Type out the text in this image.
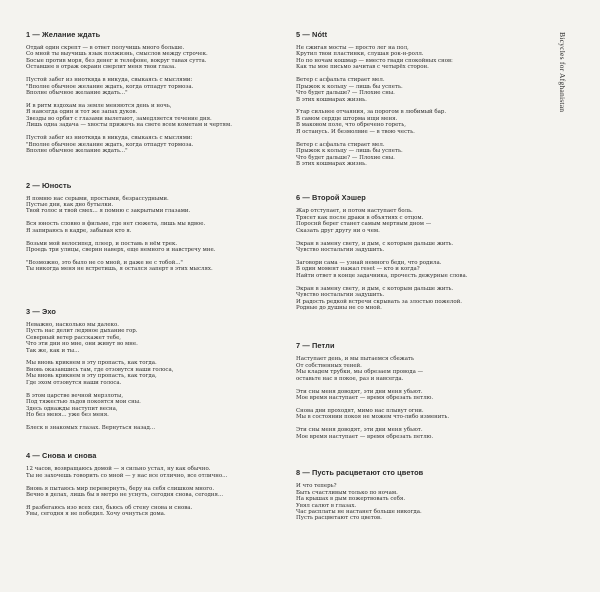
1 — Желание ждать
Отдай один скрепт — в ответ получишь много больше.
Со мной ты выучишь язык полжизнь, смыслов между строчек.
Босые против моря, без денег и телефонe, вокруг тавая сутта.
Оставшее в отраж окраин сверлит меня твои глаза.
Пустой забег из ниотквда в никуда, свыкаясь с мыслями:
"Вполне обычное желание ждать, когда отпадут тормоза.
Вполне обычное желание ждать..."
И в ритм вздохам на земле меняются день и ночь,
Я навсегда один и тот же запах дуков.
Звезды во орбит с глазами вылетают, замедляется течение дня.
Лишь одна задача — хвосты прижечь на свете всем кометам и чертям.
Пустой забег из ниотквда в никуда, свыкаясь с мыслями:
"Вполне обычное желание ждать, когда отпадут тормоза.
Вполне обычное желание ждать..."
2 — Юность
Я помню нас серыми, простыми, безрассудными.
Пустые дни, как дно бутылки.
Твой голос и твой смех... я помню с закрытыми глазами.
Вся юность словно в фильме, где нет сюжета, лишь мы вдвое.
Я запираюсь в кадре, забывая кто я.
Возьми мой велосипед, плеер, и поставь в нём трек.
Проедь три улицы, свернн наверх, еще немного и навстречу мне.
"Возможно, это было не со мной, и даже не с тобой..."
Ты никогда меня не встретишь, я остался заперт в этих мыслях.
3 — Эхо
Неважно, насколько мы далеко.
Пусть нас делит ледяное дыхание гор.
Северный ветер расскажет тебе,
Что эти дни но мне, они живут во мне.
Так же, как и ты...
Мы вновь крикнем в эту пропасть, как тогда.
Вновь оказавшись там, где отзовутся наши голоса,
Мы вновь крикнем в эту пропасть, как тогда,
Где эхом отзовутся наши голоса.
В этом царстве вечной мерзлоты,
Под тяжестью льдов покоятся мои сны.
Здесь однажды наступит весна,
Но без меня... уже без меня.
Блеск в знакомых глазах. Вернуться назад...
4 — Снова и снова
12 часов, возвращаюсь домой — я сильно устал, ну как обычно.
Ты не захочешь говорить со мной — у нас все отлично, все отлично...
Вновь я пытаюсь мир перевернуть, беру на себя слишком много.
Вечно в делах, лишь бы в метро не уснуть, сегодня снова, сегодня...
Я разбегаюсь изо всех сил, бьюсь об стену снова и снова.
Увы, сегодня я не победил. Хочу очнуться дома.
5 — Nótt
Не сжигая мосты — просто лег на пол,
Крутил твои пластинки, слушая рок-н-ролл.
Но по ночам кошмар — вместо гвади спокойных снов:
Как ты мое письмо зачитав с четырёх сторон.
Ветер с асфальта стирает мел.
Прыжок к кольцу — лишь бы успеть.
Что будет дальше? — Плохие сны.
В этих кошмарах жизнь.
Утар сильнее отчаяния, за порогом в любимый бар.
В самом сердце шторма ищи меня.
В маковом поле, что обречено гореть,
Я останусь. И безмолвие — в твою честь.
Ветер с асфальта стирает мел.
Прыжок к кольцу — лишь бы успеть.
Что будет дальше? — Плохие сны.
В этих кошмарах жизнь.
6 — Второй Хэшер
Жар отступает, и потом наступает боль.
Трясет как после драки в объятиях с отцом.
Пороснй берег станет самым мертвым дном —
Сказать друг другу ни о чем.
Экран в замену свету, и дым, с которым дальше жить.
Чувство ностальгии задушить.
Заговори сама — узнай немного бедн, что родила.
В один момент нажал reset — кто и когда?
Найти ответ в конце задачника, прочесть дежурные слова.
Экран в замену свету, и дым, с которым дальше жить.
Чувство ностальгии задушить.
И радость редкой встречи скрывать за злостью пожелой.
Родные до душны не со мной.
7 — Петли
Наступает день, и мы пытаемся сбежать
От собственных теней.
Мы кладем трубки, мы обрезаем провода —
оставьте нас в покое, раз и навсегда.
Эти сны меня доводят, эти дни меня убьют.
Мое время наступает — время обрезать петлю.
Снова дни проходят, мимо нас плывут огни.
Мы в состоянии покоя не можем что-либо изменить.
Эти сны меня доводят, эти дни меня убьют.
Мое время наступает — время обрезать петлю.
8 — Пусть расцветают сто цветов
И что теперь?
Быть счастливым только по ночам.
На крышах в дым пожертвовать себя.
Увял салют в глазах.
Час расплаты не настанет больше никогда.
Пусть расцветают сто цветов.
Bicycles for Afghanistan
